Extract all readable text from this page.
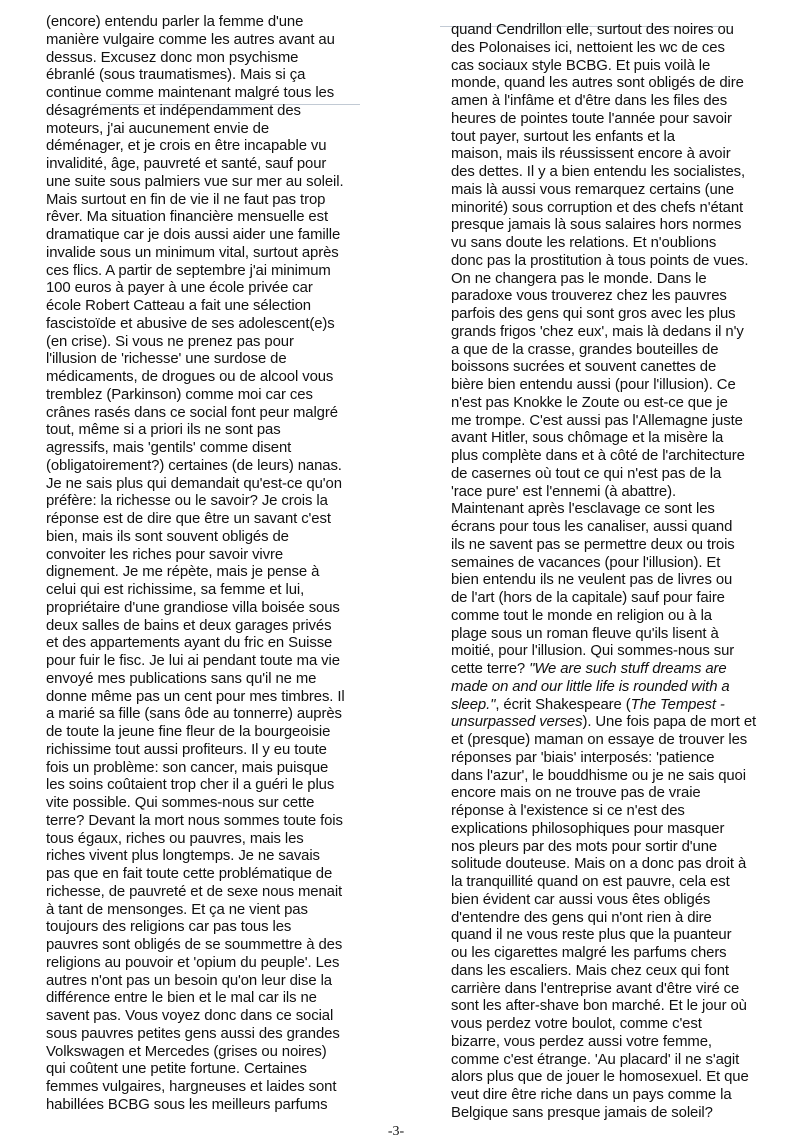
(encore) entendu parler la femme d'une
manière vulgaire comme les autres avant au
dessus. Excusez donc mon psychisme
ébranlé (sous traumatismes). Mais si ça
continue comme maintenant malgré tous les
désagréments et indépendamment des
moteurs, j'ai aucunement envie de
déménager, et je crois en être incapable vu
invalidité, âge, pauvreté et santé, sauf pour
une suite sous palmiers vue sur mer au soleil.
Mais surtout en fin de vie il ne faut pas trop
rêver. Ma situation financière mensuelle est
dramatique car je dois aussi aider une famille
invalide sous un minimum vital, surtout après
ces flics. A partir de septembre j'ai minimum
100 euros à payer à une école privée car
école Robert Catteau a fait une sélection
fascistoïde et abusive de ses adolescent(e)s
(en crise). Si vous ne prenez pas pour
l'illusion de 'richesse' une surdose de
médicaments, de drogues ou de alcool vous
tremblez (Parkinson) comme moi car ces
crânes rasés dans ce social font peur malgré
tout, même si a priori ils ne sont pas
agressifs, mais 'gentils' comme disent
(obligatoirement?) certaines (de leurs) nanas.
Je ne sais plus qui demandait qu'est-ce qu'on
préfère: la richesse ou le savoir? Je crois la
réponse est de dire que être un savant c'est
bien, mais ils sont souvent obligés de
convoiter les riches pour savoir vivre
dignement. Je me répète, mais je pense à
celui qui est richissime, sa femme et lui,
propriétaire d'une grandiose villa boisée sous
deux salles de bains et deux garages privés
et des appartements ayant du fric en Suisse
pour fuir le fisc. Je lui ai pendant toute ma vie
envoyé mes publications sans qu'il ne me
donne même pas un cent pour mes timbres. Il
a marié sa fille (sans ôde au tonnerre) auprès
de toute la jeune fine fleur de la bourgeoisie
richissime tout aussi profiteurs. Il y eu toute
fois un problème: son cancer, mais puisque
les soins coûtaient trop cher il a guéri le plus
vite possible. Qui sommes-nous sur cette
terre? Devant la mort nous sommes toute fois
tous égaux, riches ou pauvres, mais les
riches vivent plus longtemps. Je ne savais
pas que en fait toute cette problématique de
richesse, de pauvreté et de sexe nous menait
à tant de mensonges. Et ça ne vient pas
toujours des religions car pas tous les
pauvres sont obligés de se soummettre à des
religions au pouvoir et 'opium du peuple'. Les
autres n'ont pas un besoin qu'on leur dise la
différence entre le bien et le mal car ils ne
savent pas. Vous voyez donc dans ce social
sous pauvres petites gens aussi des grandes
Volkswagen et Mercedes (grises ou noires)
qui coûtent une petite fortune. Certaines
femmes vulgaires, hargneuses et laides sont
habillées BCBG sous les meilleurs parfums
quand Cendrillon elle, surtout des noires ou
des Polonaises ici, nettoient les wc de ces
cas sociaux style BCBG. Et puis voilà le
monde, quand les autres sont obligés de dire
amen à l'infâme et d'être dans les files des
heures de pointes toute l'année pour savoir
tout payer, surtout les enfants et la
maison, mais ils réussissent encore à avoir
des dettes. Il y a bien entendu les socialistes,
mais là aussi vous remarquez certains (une
minorité) sous corruption et des chefs n'étant
presque jamais là sous salaires hors normes
vu sans doute les relations. Et n'oublions
donc pas la prostitution à tous points de vues.
On ne changera pas le monde. Dans le
paradoxe vous trouverez chez les pauvres
parfois des gens qui sont gros avec les plus
grands frigos 'chez eux', mais là dedans il n'y
a que de la crasse, grandes bouteilles de
boissons sucrées et souvent canettes de
bière bien entendu aussi (pour l'illusion). Ce
n'est pas Knokke le Zoute ou est-ce que je
me trompe. C'est aussi pas l'Allemagne juste
avant Hitler, sous chômage et la misère la
plus complète dans et à côté de l'architecture
de casernes où tout ce qui n'est pas de la
'race pure' est l'ennemi (à abattre).
Maintenant après l'esclavage ce sont les
écrans pour tous les canaliser, aussi quand
ils ne savent pas se permettre deux ou trois
semaines de vacances (pour l'illusion). Et
bien entendu ils ne veulent pas de livres ou
de l'art (hors de la capitale) sauf pour faire
comme tout le monde en religion ou à la
plage sous un roman fleuve qu'ils lisent à
moitié, pour l'illusion. Qui sommes-nous sur
cette terre? "We are such stuff dreams are
made on and our little life is rounded with a
sleep.", écrit Shakespeare (The Tempest -
unsurpassed verses). Une fois papa de mort et
et (presque) maman on essaye de trouver les
réponses par 'biais' interposés: 'patience
dans l'azur', le bouddhisme ou je ne sais quoi
encore mais on ne trouve pas de vraie
réponse à l'existence si ce n'est des
explications philosophiques pour masquer
nos pleurs par des mots pour sortir d'une
solitude douteuse. Mais on a donc pas droit à
la tranquillité quand on est pauvre, cela est
bien évident car aussi vous êtes obligés
d'entendre des gens qui n'ont rien à dire
quand il ne vous reste plus que la puanteur
ou les cigarettes malgré les parfums chers
dans les escaliers. Mais chez ceux qui font
carrière dans l'entreprise avant d'être viré ce
sont les after-shave bon marché. Et le jour où
vous perdez votre boulot, comme c'est
bizarre, vous perdez aussi votre femme,
comme c'est étrange. 'Au placard' il ne s'agit
alors plus que de jouer le homosexuel. Et que
veut dire être riche dans un pays comme la
Belgique sans presque jamais de soleil?
-3-
